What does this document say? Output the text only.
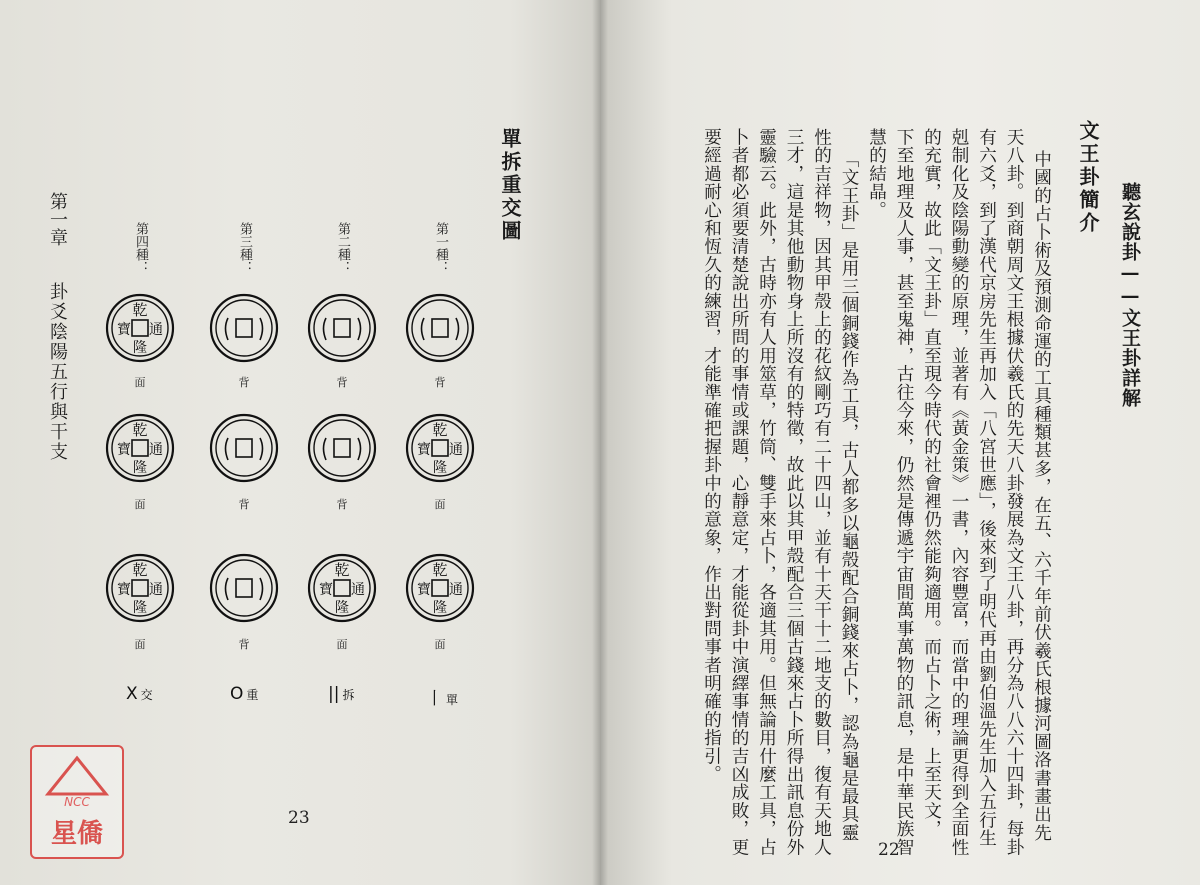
單拆重交圖
第一章
卦爻陰陽五行與干支
第一種：
背
乾
通
隆
寶
面
乾
通
隆
寶
面
丨 單
第二種：
背
背
乾
通
隆
寶
面
|| 拆
第三種：
背
背
背
O 重
第四種：
乾
通
隆
寶
面
乾
通
隆
寶
面
乾
通
隆
寶
面
X 交
23
文王卦簡介
聽玄說卦——文王卦詳解
中國的占卜術及預測命運的工具種類甚多，在五、六千年前伏羲氏根據河圖洛書畫出先
天八卦。到商朝周文王根據伏羲氏的先天八卦發展為文王八卦，再分為八八六十四卦，每卦
有六爻，到了漢代京房先生再加入「八宮世應」，後來到了明代再由劉伯溫先生加入五行生
剋制化及陰陽動變的原理，並著有《黃金策》一書，內容豐富，而當中的理論更得到全面性
的充實，故此「文王卦」直至現今時代的社會裡仍然能夠適用。而占卜之術，上至天文，
下至地理及人事，甚至鬼神，古往今來，仍然是傳遞宇宙間萬事萬物的訊息，是中華民族智
慧的結晶。
「文王卦」是用三個銅錢作為工具，古人都多以龜殼配合銅錢來占卜，認為龜是最具靈
性的吉祥物，因其甲殼上的花紋剛巧有二十四山，並有十天干十二地支的數目，復有天地人
三才，這是其他動物身上所沒有的特徵，故此以其甲殼配合三個古錢來占卜所得出訊息份外
靈驗云。此外，古時亦有人用筮草，竹筒、雙手來占卜，各適其用。但無論用什麼工具，占
卜者都必須要清楚說出所問的事情或課題，心靜意定，才能從卦中演繹事情的吉凶成敗，更
要經過耐心和恆久的練習，才能準確把握卦中的意象，作出對問事者明確的指引。
22
NCC
星僑
